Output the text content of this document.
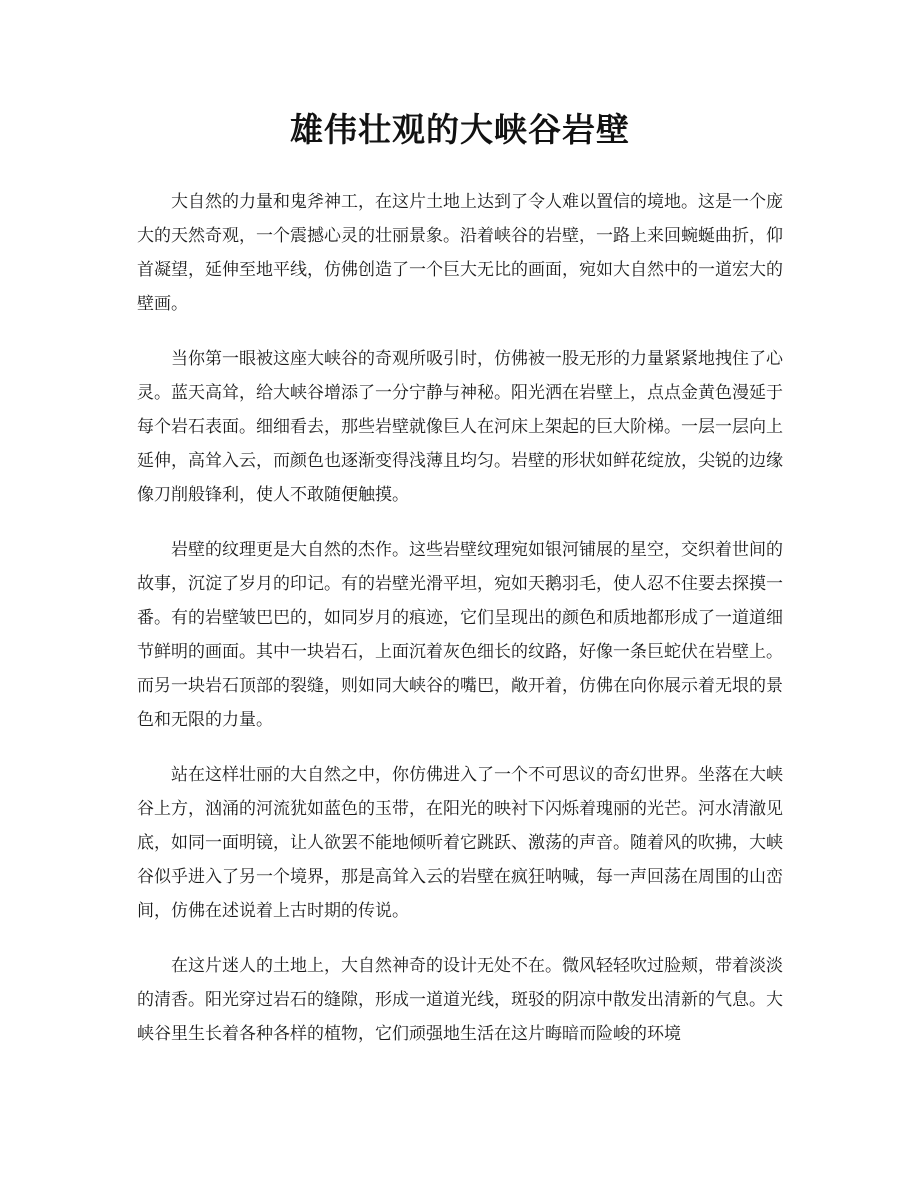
雄伟壮观的大峡谷岩壁

大自然的力量和鬼斧神工，在这片土地上达到了令人难以置信的境地。这是一个庞大的天然奇观，一个震撼心灵的壮丽景象。沿着峡谷的岩壁，一路上来回蜿蜒曲折，仰首凝望，延伸至地平线，仿佛创造了一个巨大无比的画面，宛如大自然中的一道宏大的壁画。

当你第一眼被这座大峡谷的奇观所吸引时，仿佛被一股无形的力量紧紧地拽住了心灵。蓝天高耸，给大峡谷增添了一分宁静与神秘。阳光洒在岩壁上，点点金黄色漫延于每个岩石表面。细细看去，那些岩壁就像巨人在河床上架起的巨大阶梯。一层一层向上延伸，高耸入云，而颜色也逐渐变得浅薄且均匀。岩壁的形状如鲜花绽放，尖锐的边缘像刀削般锋利，使人不敢随便触摸。

岩壁的纹理更是大自然的杰作。这些岩壁纹理宛如银河铺展的星空，交织着世间的故事，沉淀了岁月的印记。有的岩壁光滑平坦，宛如天鹅羽毛，使人忍不住要去探摸一番。有的岩壁皱巴巴的，如同岁月的痕迹，它们呈现出的颜色和质地都形成了一道道细节鲜明的画面。其中一块岩石，上面沉着灰色细长的纹路，好像一条巨蛇伏在岩壁上。而另一块岩石顶部的裂缝，则如同大峡谷的嘴巴，敞开着，仿佛在向你展示着无垠的景色和无限的力量。

站在这样壮丽的大自然之中，你仿佛进入了一个不可思议的奇幻世界。坐落在大峡谷上方，汹涌的河流犹如蓝色的玉带，在阳光的映衬下闪烁着瑰丽的光芒。河水清澈见底，如同一面明镜，让人欲罢不能地倾听着它跳跃、激荡的声音。随着风的吹拂，大峡谷似乎进入了另一个境界，那是高耸入云的岩壁在疯狂呐喊，每一声回荡在周围的山峦间，仿佛在述说着上古时期的传说。

在这片迷人的土地上，大自然神奇的设计无处不在。微风轻轻吹过脸颊，带着淡淡的清香。阳光穿过岩石的缝隙，形成一道道光线，斑驳的阴凉中散发出清新的气息。大峡谷里生长着各种各样的植物，它们顽强地生活在这片晦暗而险峻的环境
